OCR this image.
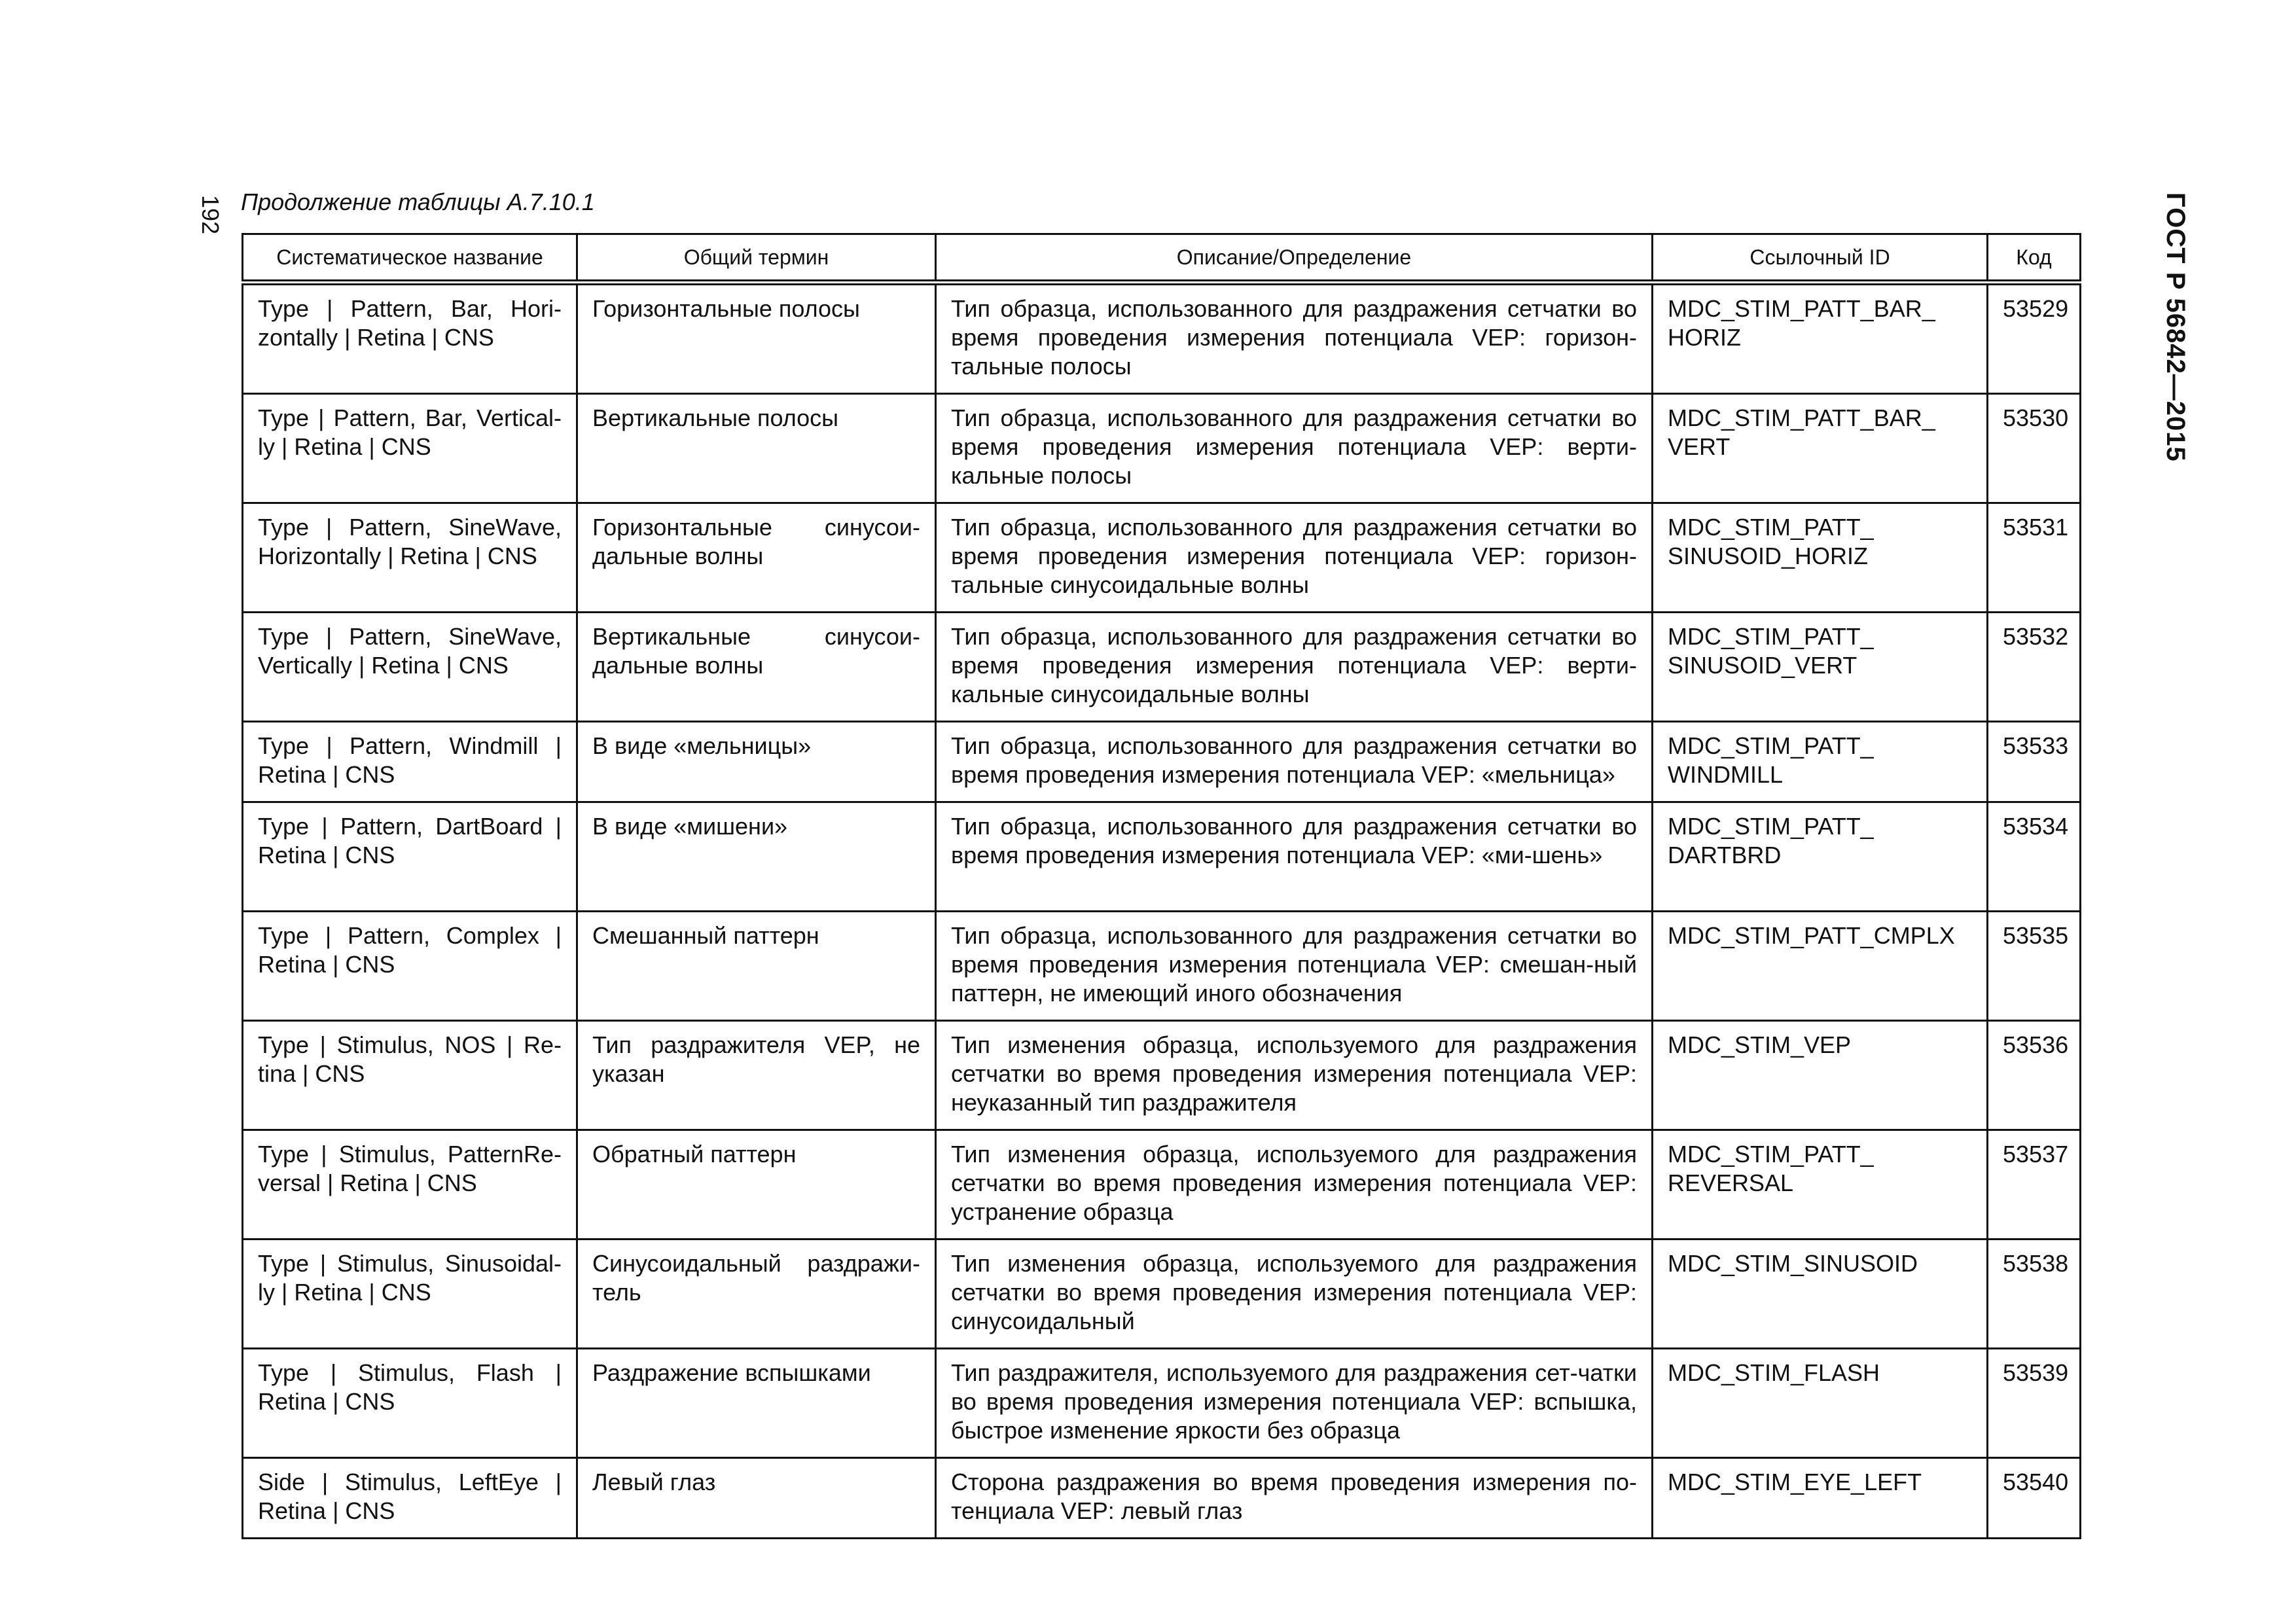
192	ГОСТ Р 56842—2015
Продолжение таблицы А.7.10.1
Систематическое название	Общий термин	Описание/Определение	Ссылочный ID	Код
Type | Pattern, Bar, Hori-zontally | Retina | CNS	Горизонтальные полосы	Тип образца, использованного для раздражения сетчатки во время проведения измерения потенциала VEP: горизон-тальные полосы	MDC_STIM_PATT_BAR_ HORIZ	53529
Type | Pattern, Bar, Vertical-ly | Retina | CNS	Вертикальные полосы	Тип образца, использованного для раздражения сетчатки во время проведения измерения потенциала VEP: верти-кальные полосы	MDC_STIM_PATT_BAR_ VERT	53530
Type | Pattern, SineWave, Horizontally | Retina | CNS	Горизонтальные синусои-дальные волны	Тип образца, использованного для раздражения сетчатки во время проведения измерения потенциала VEP: горизон-тальные синусоидальные волны	MDC_STIM_PATT_ SINUSOID_HORIZ	53531
Type | Pattern, SineWave, Vertically | Retina | CNS	Вертикальные синусои-дальные волны	Тип образца, использованного для раздражения сетчатки во время проведения измерения потенциала VEP: верти-кальные синусоидальные волны	MDC_STIM_PATT_ SINUSOID_VERT	53532
Type | Pattern, Windmill | Retina | CNS	В виде «мельницы»	Тип образца, использованного для раздражения сетчатки во время проведения измерения потенциала VEP: «мельница»	MDC_STIM_PATT_ WINDMILL	53533
Type | Pattern, DartBoard | Retina | CNS	В виде «мишени»	Тип образца, использованного для раздражения сетчатки во время проведения измерения потенциала VEP: «ми-шень»	MDC_STIM_PATT_ DARTBRD	53534
Type | Pattern, Complex | Retina | CNS	Смешанный паттерн	Тип образца, использованного для раздражения сетчатки во время проведения измерения потенциала VEP: смешан-ный паттерн, не имеющий иного обозначения	MDC_STIM_PATT_CMPLX	53535
Type | Stimulus, NOS | Re-tina | CNS	Тип раздражителя VEP, не указан	Тип изменения образца, используемого для раздражения сетчатки во время проведения измерения потенциала VEP: неуказанный тип раздражителя	MDC_STIM_VEP	53536
Type | Stimulus, PatternRe-versal | Retina | CNS	Обратный паттерн	Тип изменения образца, используемого для раздражения сетчатки во время проведения измерения потенциала VEP: устранение образца	MDC_STIM_PATT_ REVERSAL	53537
Type | Stimulus, Sinusoidal-ly | Retina | CNS	Синусоидальный раздражи-тель	Тип изменения образца, используемого для раздражения сетчатки во время проведения измерения потенциала VEP: синусоидальный	MDC_STIM_SINUSOID	53538
Type | Stimulus, Flash | Retina | CNS	Раздражение вспышками	Тип раздражителя, используемого для раздражения сет-чатки во время проведения измерения потенциала VEP: вспышка, быстрое изменение яркости без образца	MDC_STIM_FLASH	53539
Side | Stimulus, LeftEye | Retina | CNS	Левый глаз	Сторона раздражения во время проведения измерения по-тенциала VEP: левый глаз	MDC_STIM_EYE_LEFT	53540
